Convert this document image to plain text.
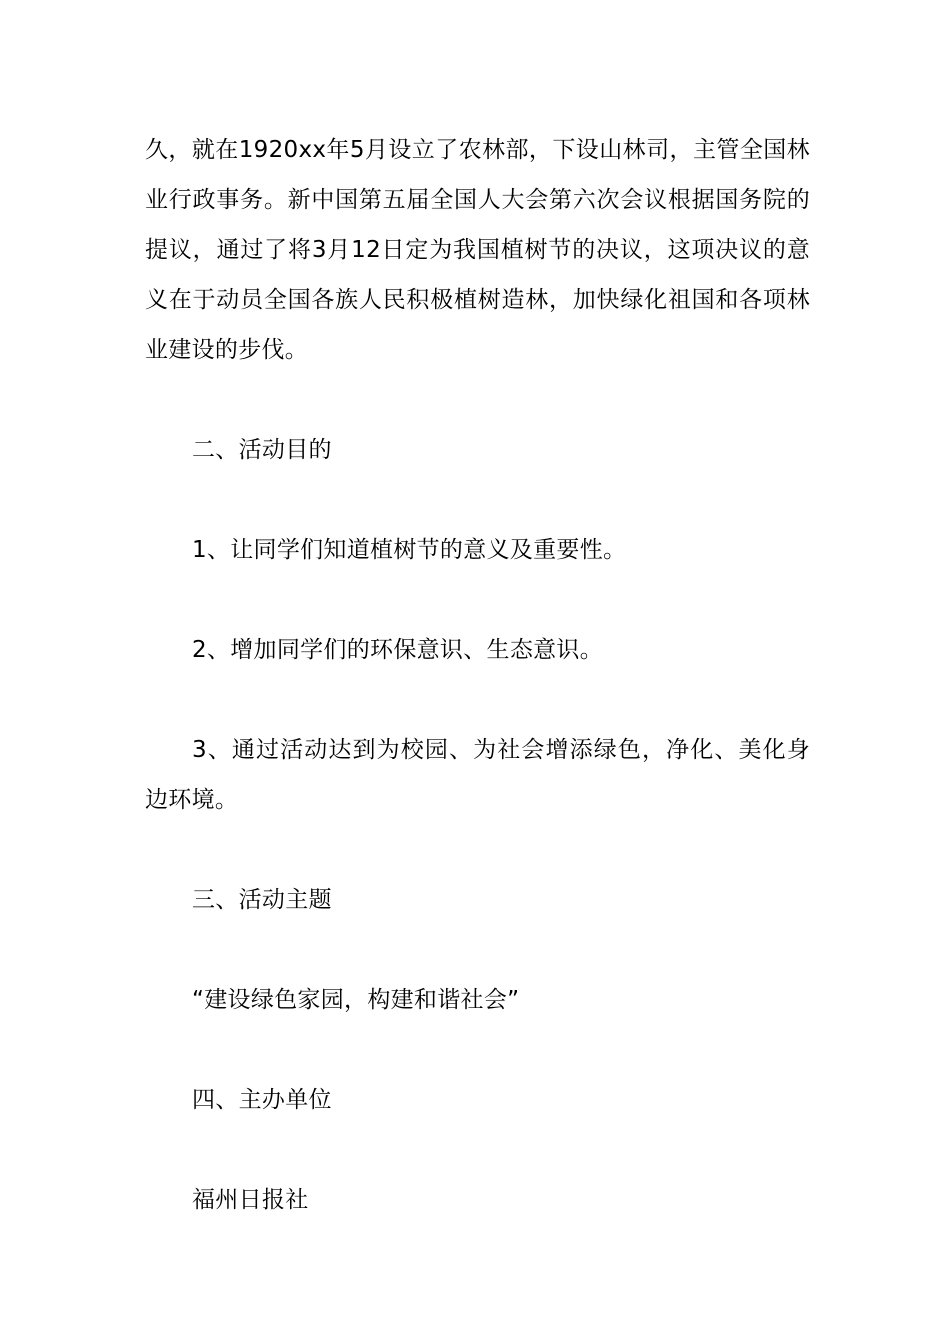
久，就在1920xx年5月设立了农林部，下设山林司，主管全国林业行政事务。新中国第五届全国人大会第六次会议根据国务院的提议，通过了将3月12日定为我国植树节的决议，这项决议的意义在于动员全国各族人民积极植树造林，加快绿化祖国和各项林业建设的步伐。

二、活动目的

1、让同学们知道植树节的意义及重要性。

2、增加同学们的环保意识、生态意识。

3、通过活动达到为校园、为社会增添绿色，净化、美化身边环境。

三、活动主题

“建设绿色家园，构建和谐社会”

四、主办单位

福州日报社
